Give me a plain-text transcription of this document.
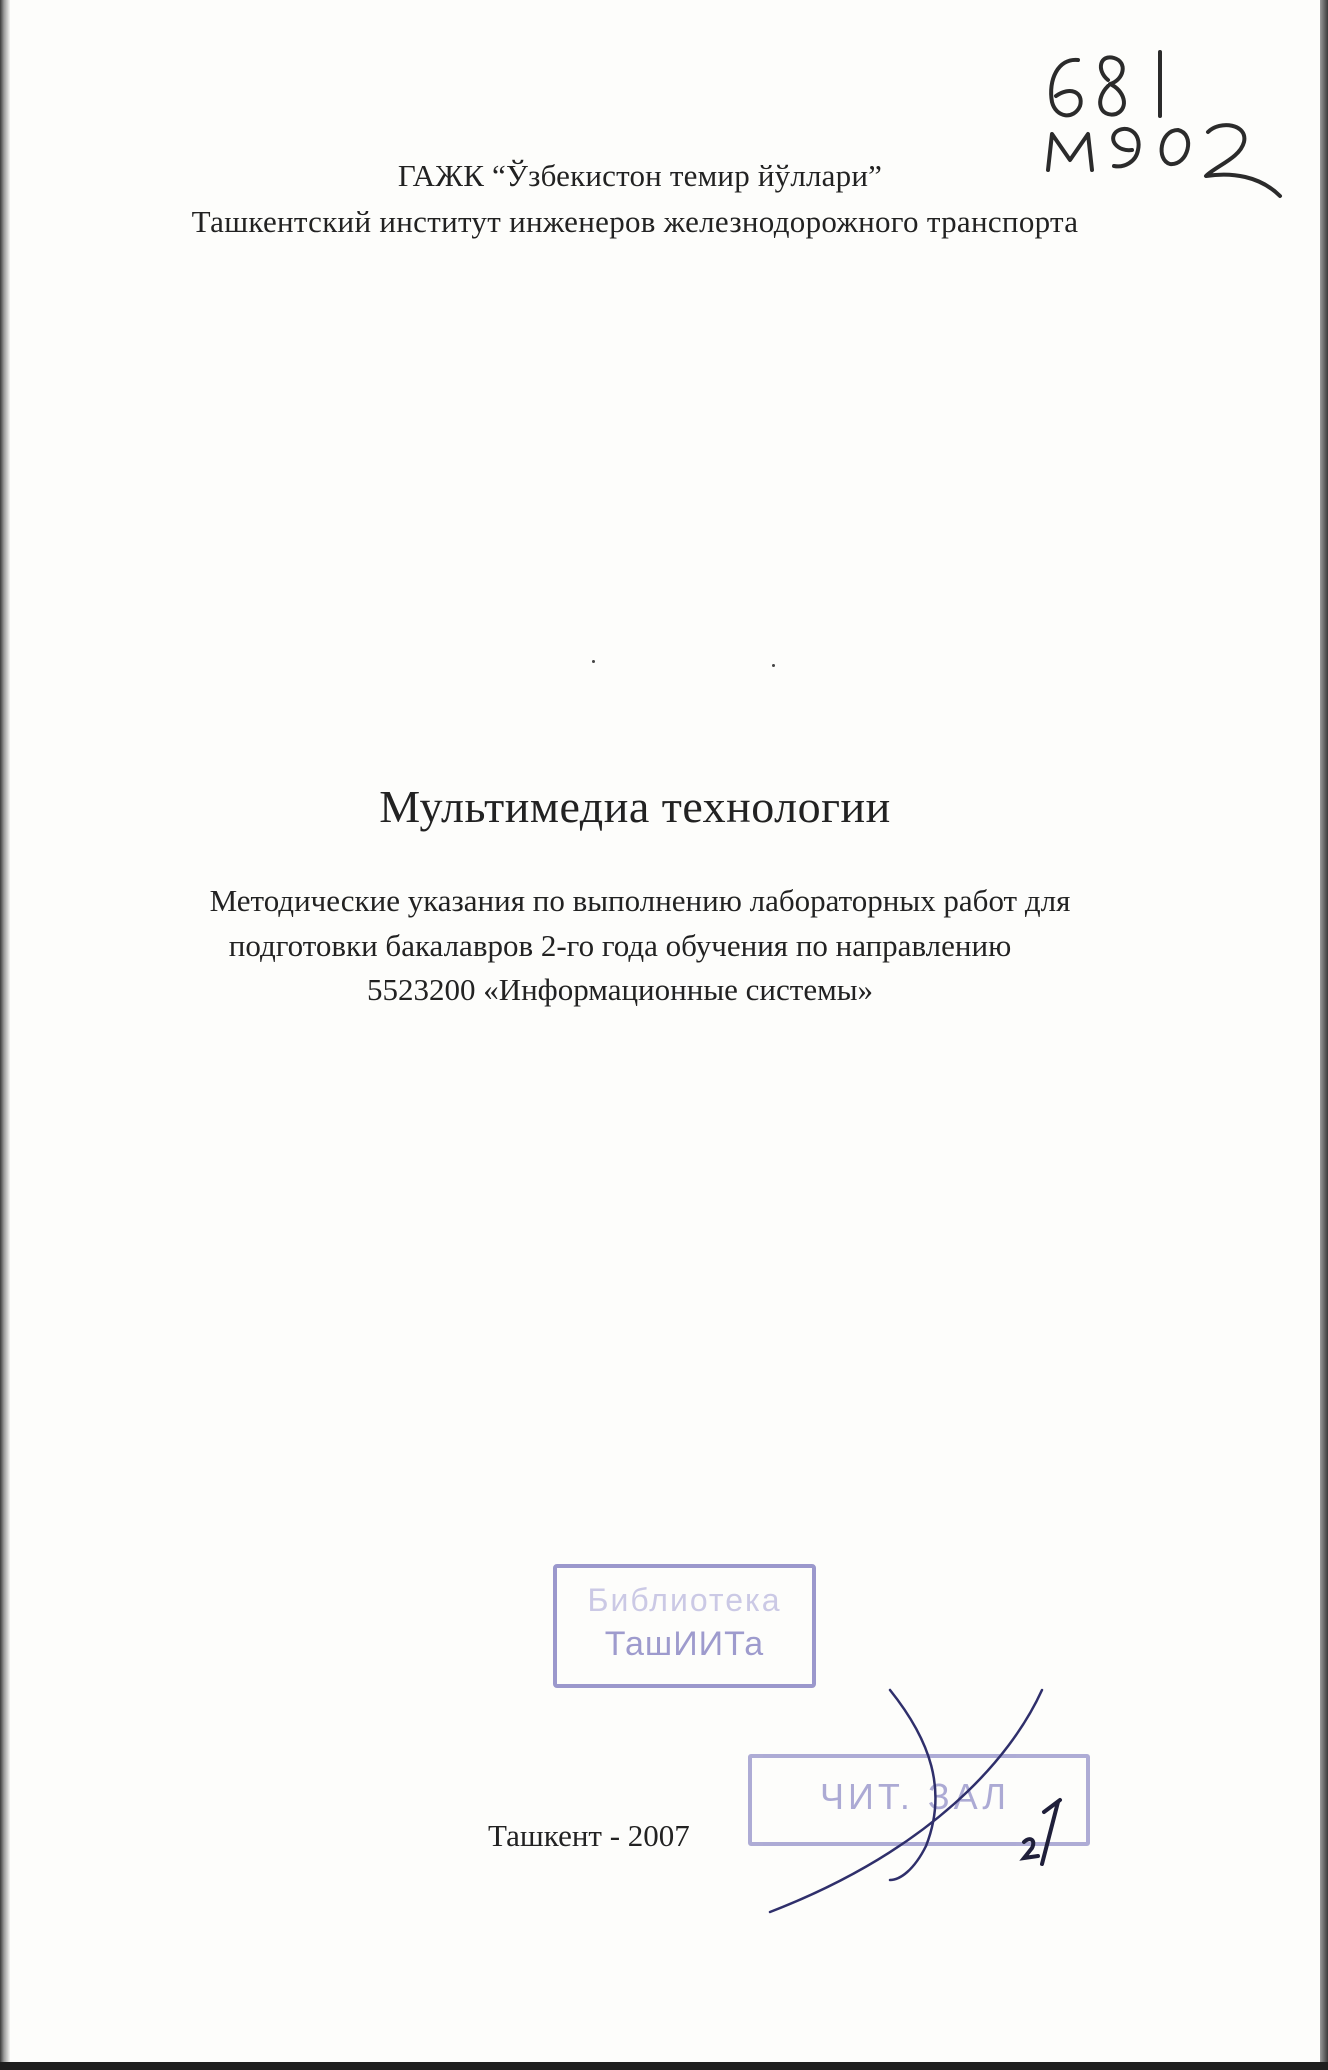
ГАЖК “Ўзбекистон темир йўллари”
Ташкентский институт инженеров железнодорожного транспорта
Мультимедиа технологии
Методические указания по выполнению лабораторных работ для
подготовки бакалавров 2-го года обучения по направлению
5523200 «Информационные системы»
Библиотека
ТашИИТа
ЧИТ. ЗАЛ
Ташкент - 2007
